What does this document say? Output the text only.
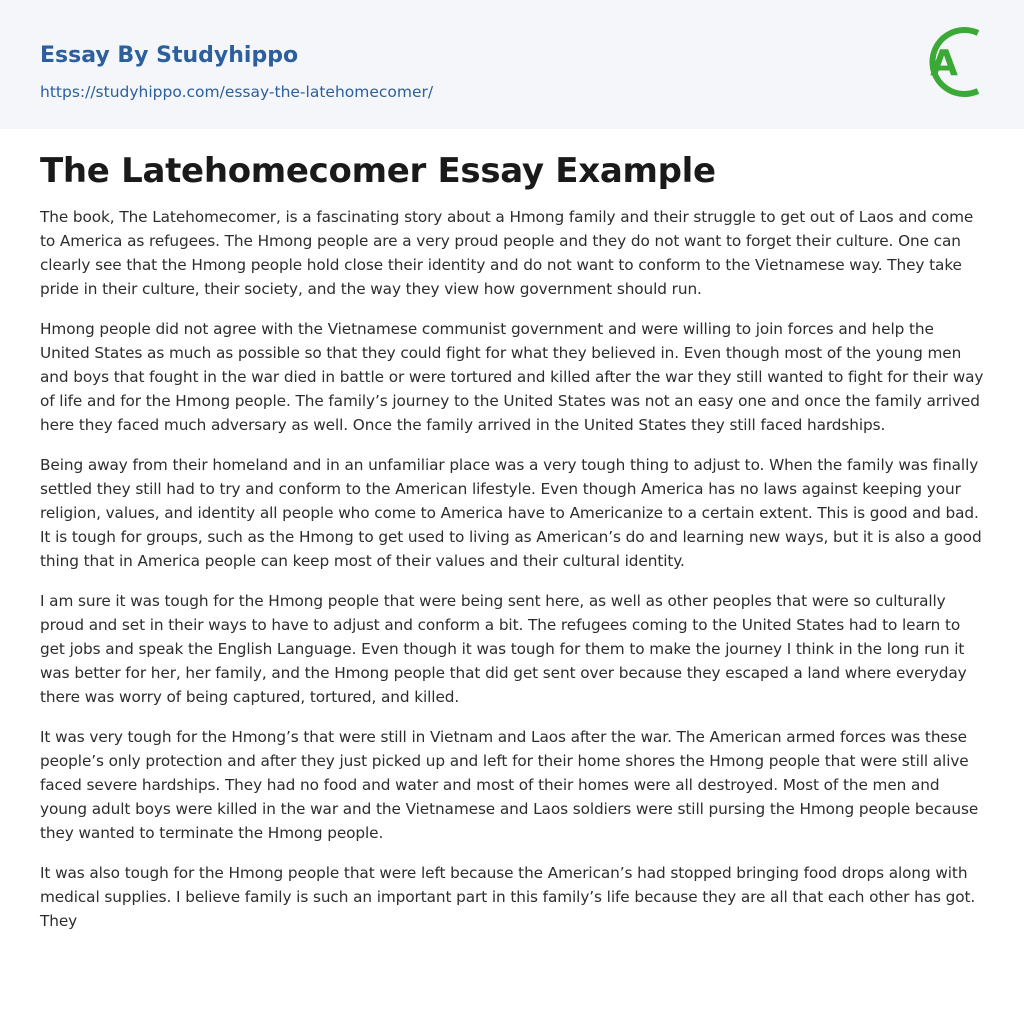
Essay By Studyhippo
https://studyhippo.com/essay-the-latehomecomer/
A
The Latehomecomer Essay Example

The book, The Latehomecomer, is a fascinating story about a Hmong family and their struggle to get out of Laos and come to America as refugees. The Hmong people are a very proud people and they do not want to forget their culture. One can clearly see that the Hmong people hold close their identity and do not want to conform to the Vietnamese way. They take pride in their culture, their society, and the way they view how government should run.

Hmong people did not agree with the Vietnamese communist government and were willing to join forces and help the United States as much as possible so that they could fight for what they believed in. Even though most of the young men and boys that fought in the war died in battle or were tortured and killed after the war they still wanted to fight for their way of life and for the Hmong people. The family’s journey to the United States was not an easy one and once the family arrived here they faced much adversary as well. Once the family arrived in the United States they still faced hardships.

Being away from their homeland and in an unfamiliar place was a very tough thing to adjust to. When the family was finally settled they still had to try and conform to the American lifestyle. Even though America has no laws against keeping your religion, values, and identity all people who come to America have to Americanize to a certain extent. This is good and bad. It is tough for groups, such as the Hmong to get used to living as American’s do and learning new ways, but it is also a good thing that in America people can keep most of their values and their cultural identity.

I am sure it was tough for the Hmong people that were being sent here, as well as other peoples that were so culturally proud and set in their ways to have to adjust and conform a bit. The refugees coming to the United States had to learn to get jobs and speak the English Language. Even though it was tough for them to make the journey I think in the long run it was better for her, her family, and the Hmong people that did get sent over because they escaped a land where everyday there was worry of being captured, tortured, and killed.

It was very tough for the Hmong’s that were still in Vietnam and Laos after the war. The American armed forces was these people’s only protection and after they just picked up and left for their home shores the Hmong people that were still alive faced severe hardships. They had no food and water and most of their homes were all destroyed. Most of the men and young adult boys were killed in the war and the Vietnamese and Laos soldiers were still pursing the Hmong people because they wanted to terminate the Hmong people.

It was also tough for the Hmong people that were left because the American’s had stopped bringing food drops along with medical supplies. I believe family is such an important part in this family’s life because they are all that each other has got. They
